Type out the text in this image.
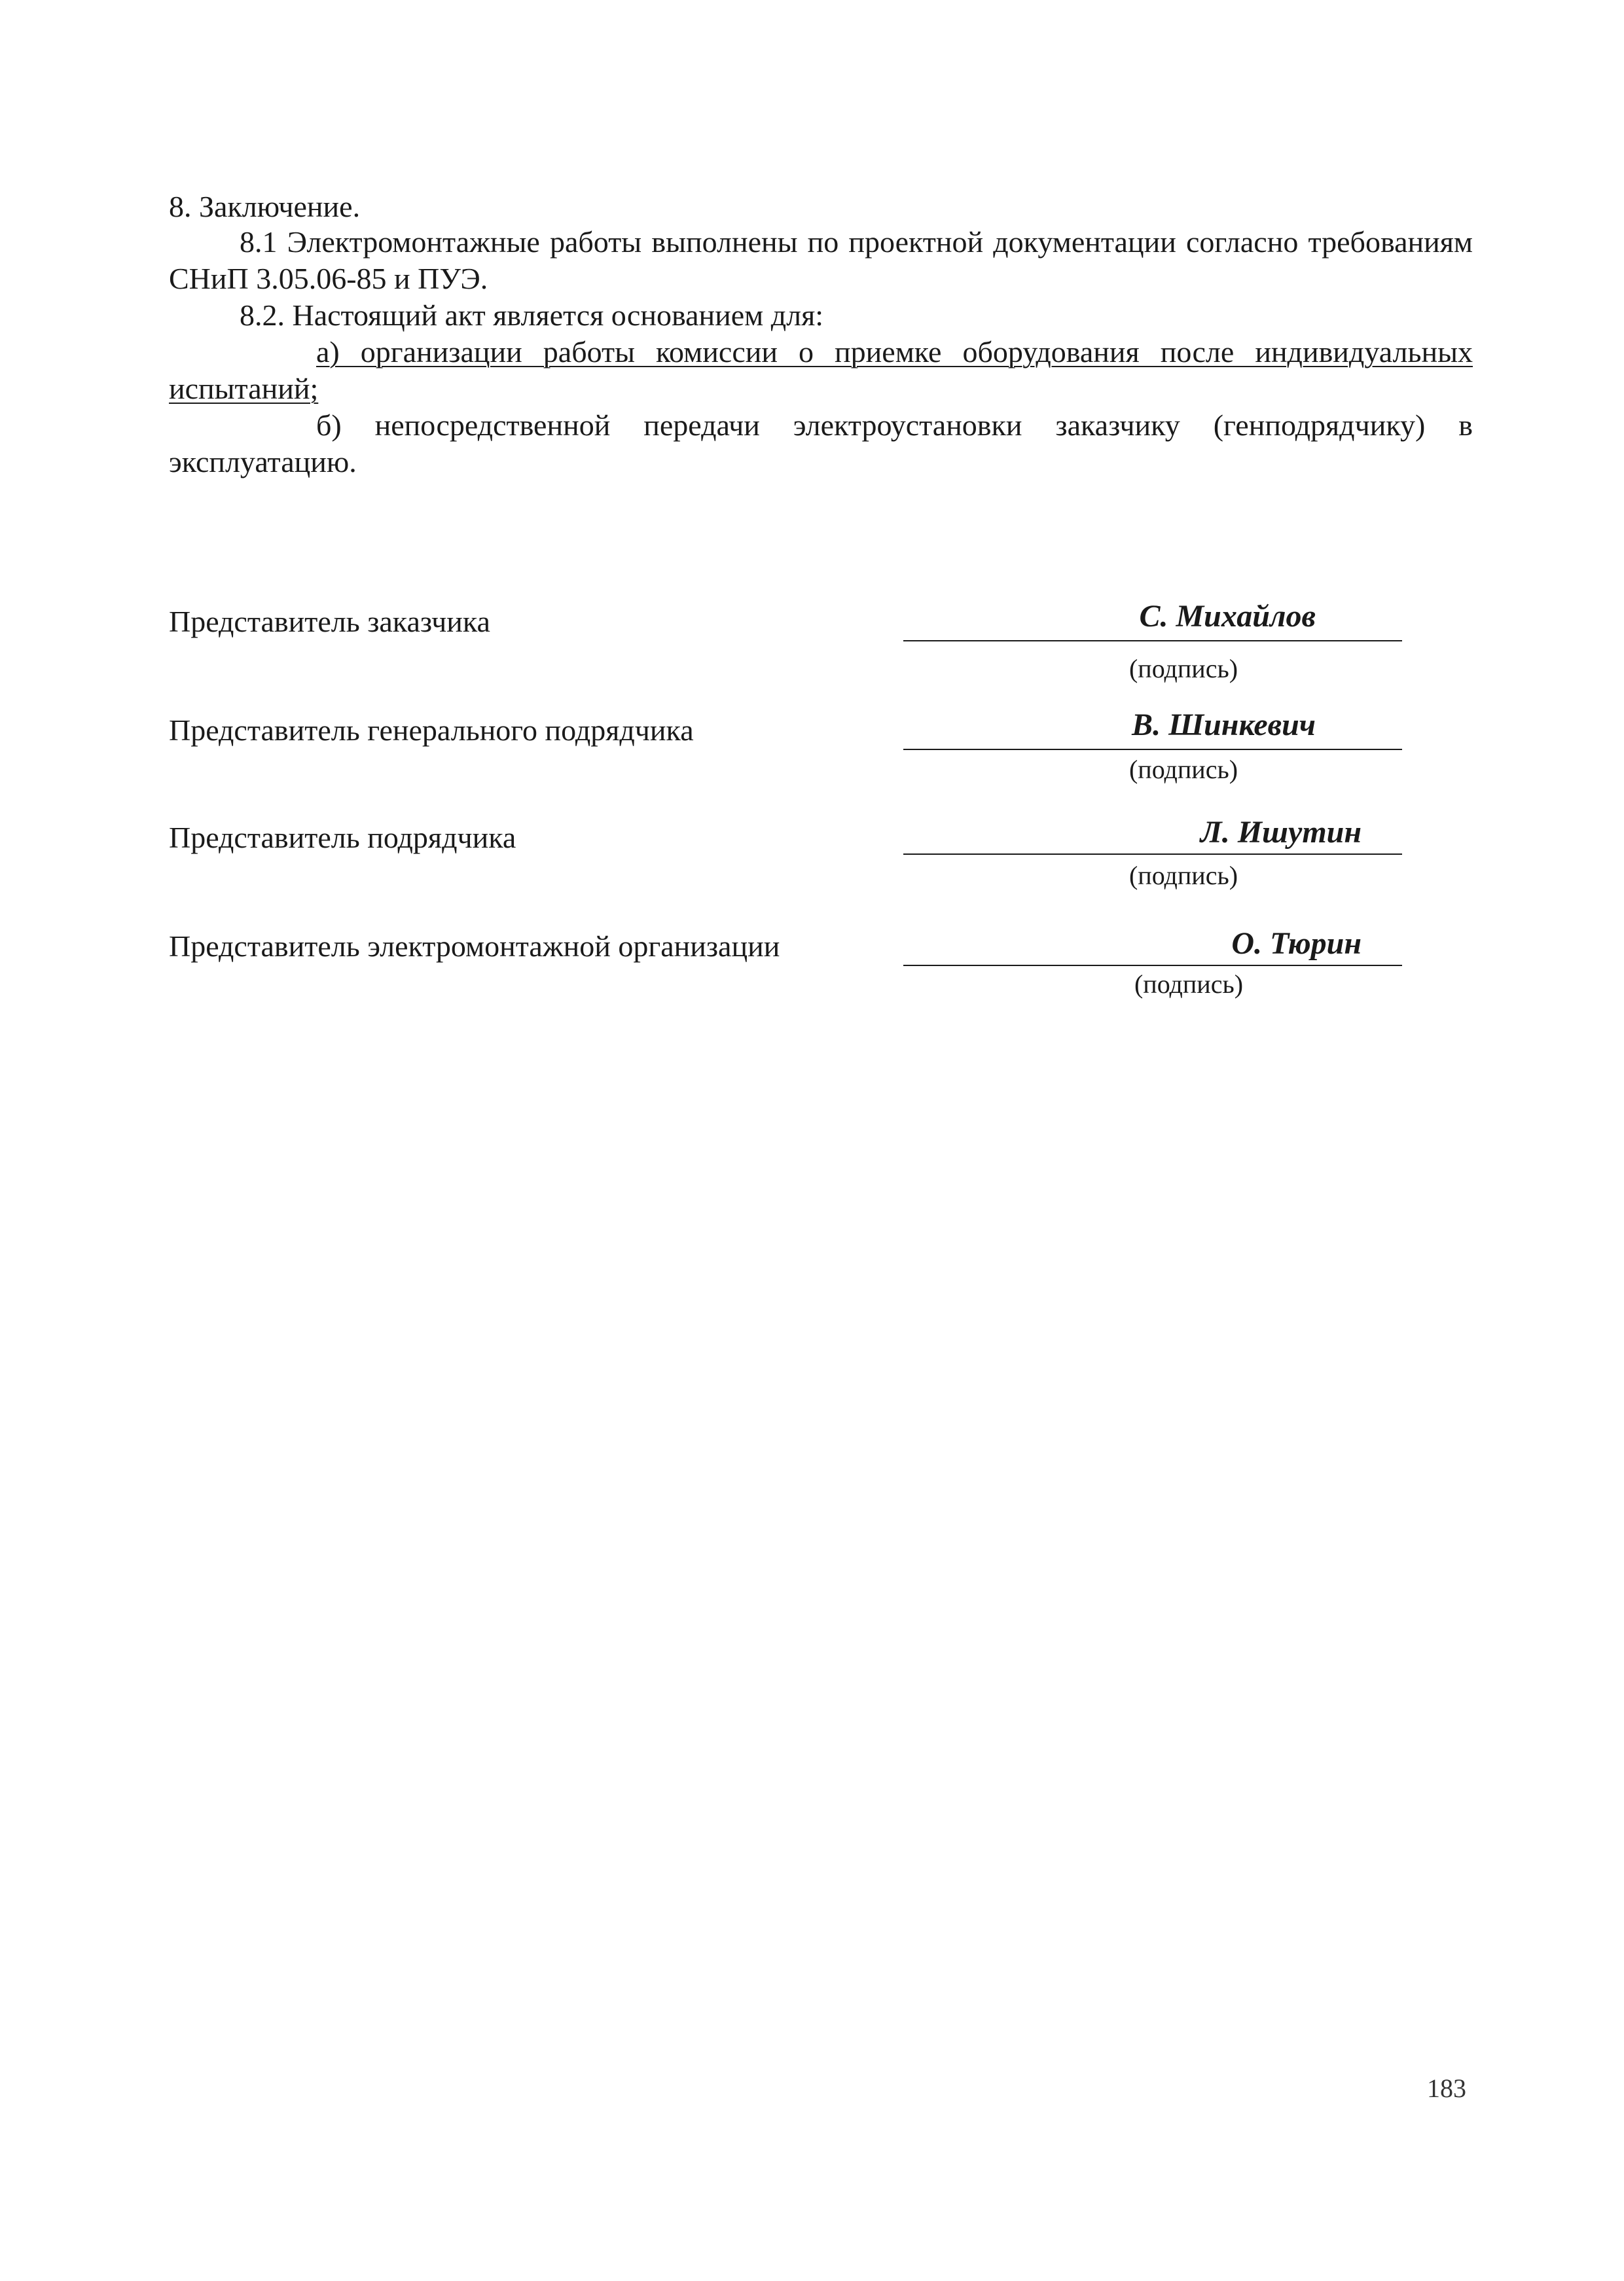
8. Заключение.
8.1 Электромонтажные работы выполнены по проектной документации согласно требованиям СНиП 3.05.06-85 и ПУЭ.
8.2. Настоящий акт является основанием для:
а) организации работы комиссии о приемке оборудования после индивидуальных испытаний;
б) непосредственной передачи электроустановки заказчику (генподрядчику) в эксплуатацию.
Представитель заказчика	С. Михайлов
(подпись)
Представитель генерального подрядчика	В. Шинкевич
(подпись)
Представитель подрядчика	Л. Ишутин
(подпись)
Представитель электромонтажной организации	О. Тюрин
(подпись)
183
